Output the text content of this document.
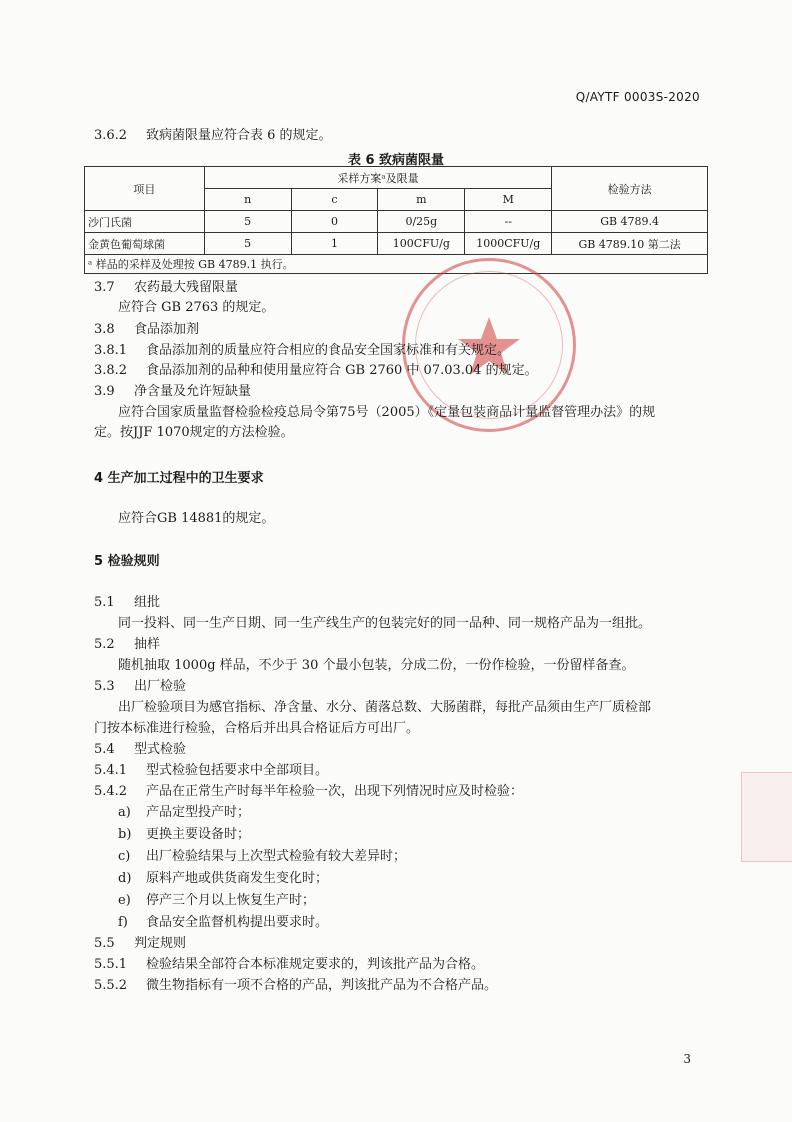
Q/AYTF 0003S-2020
3.6.2 致病菌限量应符合表 6 的规定。
表 6 致病菌限量
项目	采样方案ᵃ及限量				检验方法
	n	c	m	M	
沙门氏菌	5	0	0/25g	--	GB 4789.4
金黄色葡萄球菌	5	1	100CFU/g	1000CFU/g	GB 4789.10 第二法
ᵃ 样品的采样及处理按 GB 4789.1 执行。					
3.7 农药最大残留限量
应符合 GB 2763 的规定。
3.8 食品添加剂
3.8.1 食品添加剂的质量应符合相应的食品安全国家标准和有关规定。
3.8.2 食品添加剂的品种和使用量应符合 GB 2760 中 07.03.04 的规定。
3.9 净含量及允许短缺量
应符合国家质量监督检验检疫总局令第75号（2005）《定量包装商品计量监督管理办法》的规
定。按JJF 1070规定的方法检验。
4 生产加工过程中的卫生要求
应符合GB 14881的规定。
5 检验规则
5.1 组批
同一投料、同一生产日期、同一生产线生产的包装完好的同一品种、同一规格产品为一组批。
5.2 抽样
随机抽取 1000g 样品，不少于 30 个最小包装，分成二份，一份作检验，一份留样备查。
5.3 出厂检验
出厂检验项目为感官指标、净含量、水分、菌落总数、大肠菌群，每批产品须由生产厂质检部
门按本标准进行检验，合格后并出具合格证后方可出厂。
5.4 型式检验
5.4.1 型式检验包括要求中全部项目。
5.4.2 产品在正常生产时每半年检验一次，出现下列情况时应及时检验：
a) 产品定型投产时；
b) 更换主要设备时；
c) 出厂检验结果与上次型式检验有较大差异时；
d) 原料产地或供货商发生变化时；
e) 停产三个月以上恢复生产时；
f) 食品安全监督机构提出要求时。
5.5 判定规则
5.5.1 检验结果全部符合本标准规定要求的，判该批产品为合格。
5.5.2 微生物指标有一项不合格的产品，判该批产品为不合格产品。
3
